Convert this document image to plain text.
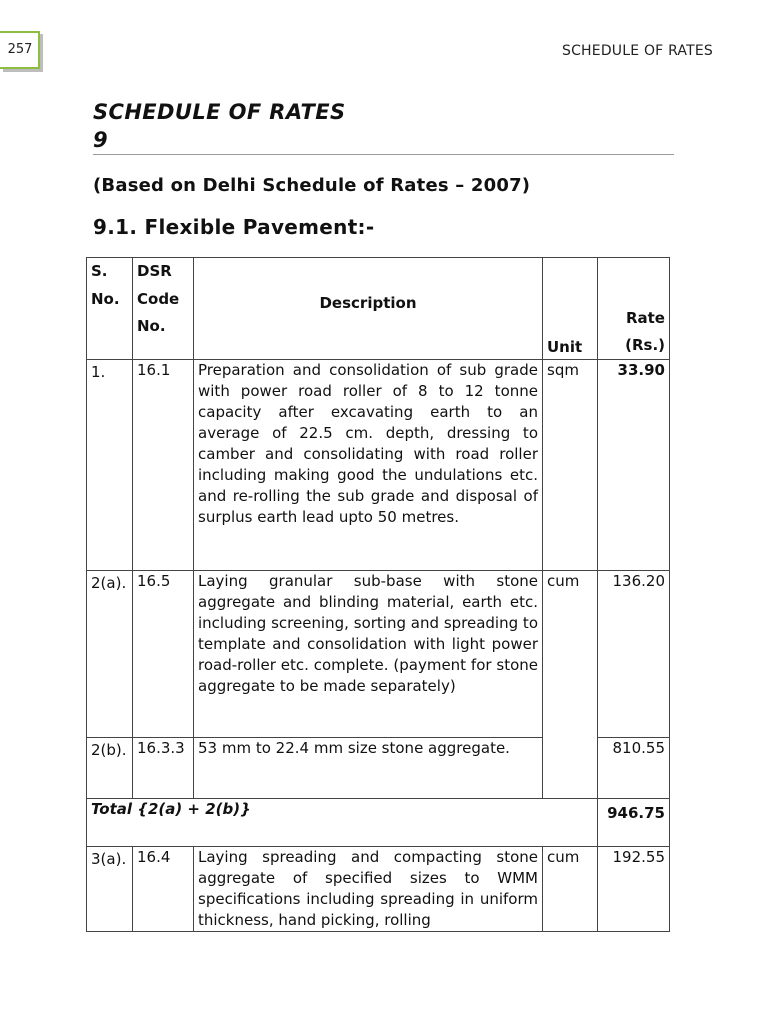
257	SCHEDULE OF RATES
SCHEDULE OF RATES
9
(Based on Delhi Schedule of Rates – 2007)
9.1. Flexible Pavement:-
S. No.	DSR Code No.	Description	Unit	Rate (Rs.)
1.	16.1	Preparation and consolidation of sub grade with power road roller of 8 to 12 tonne capacity after excavating earth to an average of 22.5 cm. depth, dressing to camber and consolidating with road roller including making good the undulations etc. and re-rolling the sub grade and disposal of surplus earth lead upto 50 metres.	sqm	33.90
2(a).	16.5	Laying granular sub-base with stone aggregate and blinding material, earth etc. including screening, sorting and spreading to template and consolidation with light power road-roller etc. complete. (payment for stone aggregate to be made separately)	cum	136.20
2(b).	16.3.3	53 mm to 22.4 mm size stone aggregate.		810.55
Total {2(a) + 2(b)}				946.75
3(a).	16.4	Laying spreading and compacting stone aggregate of specified sizes to WMM specifications including spreading in uniform thickness, hand picking, rolling	cum	192.55
